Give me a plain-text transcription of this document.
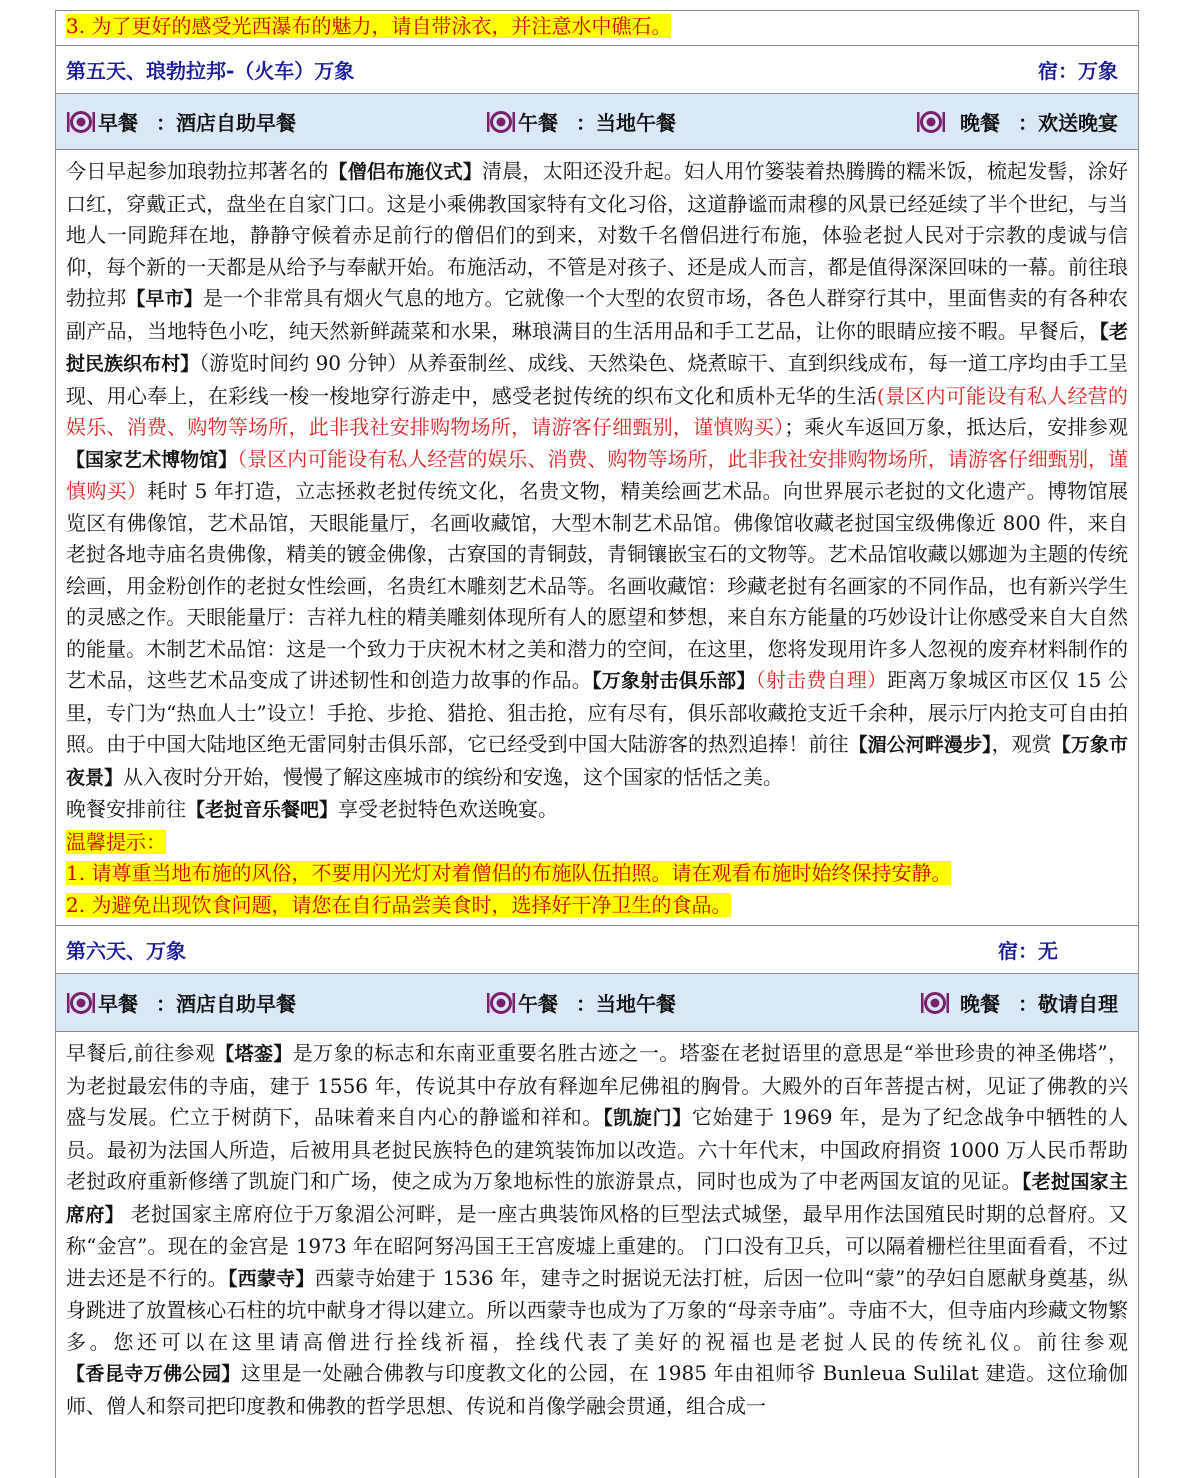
3. 为了更好的感受光西瀑布的魅力，请自带泳衣，并注意水中礁石。

第五天、琅勃拉邦-（火车）万象	宿：万象
早餐 ：酒店自助早餐	午餐 ：当地午餐	晚餐 ：欢送晚宴

今日早起参加琅勃拉邦著名的【僧侣布施仪式】清晨，太阳还没升起。妇人用竹篓装着热腾腾的糯米饭，梳起发髻，涂好口红，穿戴正式，盘坐在自家门口。这是小乘佛教国家特有文化习俗，这道静谧而肃穆的风景已经延续了半个世纪，与当地人一同跪拜在地，静静守候着赤足前行的僧侣们的到来，对数千名僧侣进行布施，体验老挝人民对于宗教的虔诚与信仰，每个新的一天都是从给予与奉献开始。布施活动，不管是对孩子、还是成人而言，都是值得深深回味的一幕。前往琅勃拉邦【早市】是一个非常具有烟火气息的地方。它就像一个大型的农贸市场，各色人群穿行其中，里面售卖的有各种农副产品，当地特色小吃，纯天然新鲜蔬菜和水果，琳琅满目的生活用品和手工艺品，让你的眼睛应接不暇。早餐后，【老挝民族织布村】（游览时间约 90 分钟）从养蚕制丝、成线、天然染色、烧煮晾干、直到织线成布，每一道工序均由手工呈现、用心奉上，在彩线一梭一梭地穿行游走中，感受老挝传统的织布文化和质朴无华的生活(景区内可能设有私人经营的娱乐、消费、购物等场所，此非我社安排购物场所，请游客仔细甄别，谨慎购买）；乘火车返回万象，抵达后，安排参观【国家艺术博物馆】（景区内可能设有私人经营的娱乐、消费、购物等场所，此非我社安排购物场所，请游客仔细甄别，谨慎购买）耗时 5 年打造，立志拯救老挝传统文化，名贵文物，精美绘画艺术品。向世界展示老挝的文化遗产。博物馆展览区有佛像馆，艺术品馆，天眼能量厅，名画收藏馆，大型木制艺术品馆。佛像馆收藏老挝国宝级佛像近 800 件，来自老挝各地寺庙名贵佛像，精美的镀金佛像，古寮国的青铜鼓，青铜镶嵌宝石的文物等。艺术品馆收藏以娜迦为主题的传统绘画，用金粉创作的老挝女性绘画，名贵红木雕刻艺术品等。名画收藏馆：珍藏老挝有名画家的不同作品，也有新兴学生的灵感之作。天眼能量厅：吉祥九柱的精美雕刻体现所有人的愿望和梦想，来自东方能量的巧妙设计让你感受来自大自然的能量。木制艺术品馆：这是一个致力于庆祝木材之美和潜力的空间，在这里，您将发现用许多人忽视的废弃材料制作的艺术品，这些艺术品变成了讲述韧性和创造力故事的作品。【万象射击俱乐部】（射击费自理）距离万象城区市区仅 15 公里，专门为“热血人士”设立！手抢、步抢、猎抢、狙击抢，应有尽有，俱乐部收藏抢支近千余种，展示厅内抢支可自由拍照。由于中国大陆地区绝无雷同射击俱乐部，它已经受到中国大陆游客的热烈追捧！前往【湄公河畔漫步】，观赏【万象市夜景】从入夜时分开始，慢慢了解这座城市的缤纷和安逸，这个国家的恬恬之美。

晚餐安排前往【老挝音乐餐吧】享受老挝特色欢送晚宴。

温馨提示：

1. 请尊重当地布施的风俗，不要用闪光灯对着僧侣的布施队伍拍照。请在观看布施时始终保持安静。

2. 为避免出现饮食问题，请您在自行品尝美食时，选择好干净卫生的食品。

第六天、万象	宿：无
早餐 ：酒店自助早餐	午餐 ：当地午餐	晚餐 ：敬请自理

早餐后,前往参观【塔銮】是万象的标志和东南亚重要名胜古迹之一。塔銮在老挝语里的意思是“举世珍贵的神圣佛塔”，为老挝最宏伟的寺庙，建于 1556 年，传说其中存放有释迦牟尼佛祖的胸骨。大殿外的百年菩提古树，见证了佛教的兴盛与发展。伫立于树荫下，品味着来自内心的静谧和祥和。【凯旋门】它始建于 1969 年，是为了纪念战争中牺牲的人员。最初为法国人所造，后被用具老挝民族特色的建筑装饰加以改造。六十年代末，中国政府捐资 1000 万人民币帮助老挝政府重新修缮了凯旋门和广场，使之成为万象地标性的旅游景点，同时也成为了中老两国友谊的见证。【老挝国家主席府】 老挝国家主席府位于万象湄公河畔，是一座古典装饰风格的巨型法式城堡，最早用作法国殖民时期的总督府。又称“金宫”。现在的金宫是 1973 年在昭阿努冯国王王宫废墟上重建的。 门口没有卫兵，可以隔着栅栏往里面看看，不过进去还是不行的。【西蒙寺】西蒙寺始建于 1536 年，建寺之时据说无法打桩，后因一位叫“蒙”的孕妇自愿献身奠基，纵身跳进了放置核心石柱的坑中献身才得以建立。所以西蒙寺也成为了万象的“母亲寺庙”。寺庙不大，但寺庙内珍藏文物繁多。您还可以在这里请高僧进行拴线祈福，拴线代表了美好的祝福也是老挝人民的传统礼仪。前往参观【香昆寺万佛公园】这里是一处融合佛教与印度教文化的公园，在 1985 年由祖师爷 Bunleua Sulilat 建造。这位瑜伽师、僧人和祭司把印度教和佛教的哲学思想、传说和肖像学融会贯通，组合成一
